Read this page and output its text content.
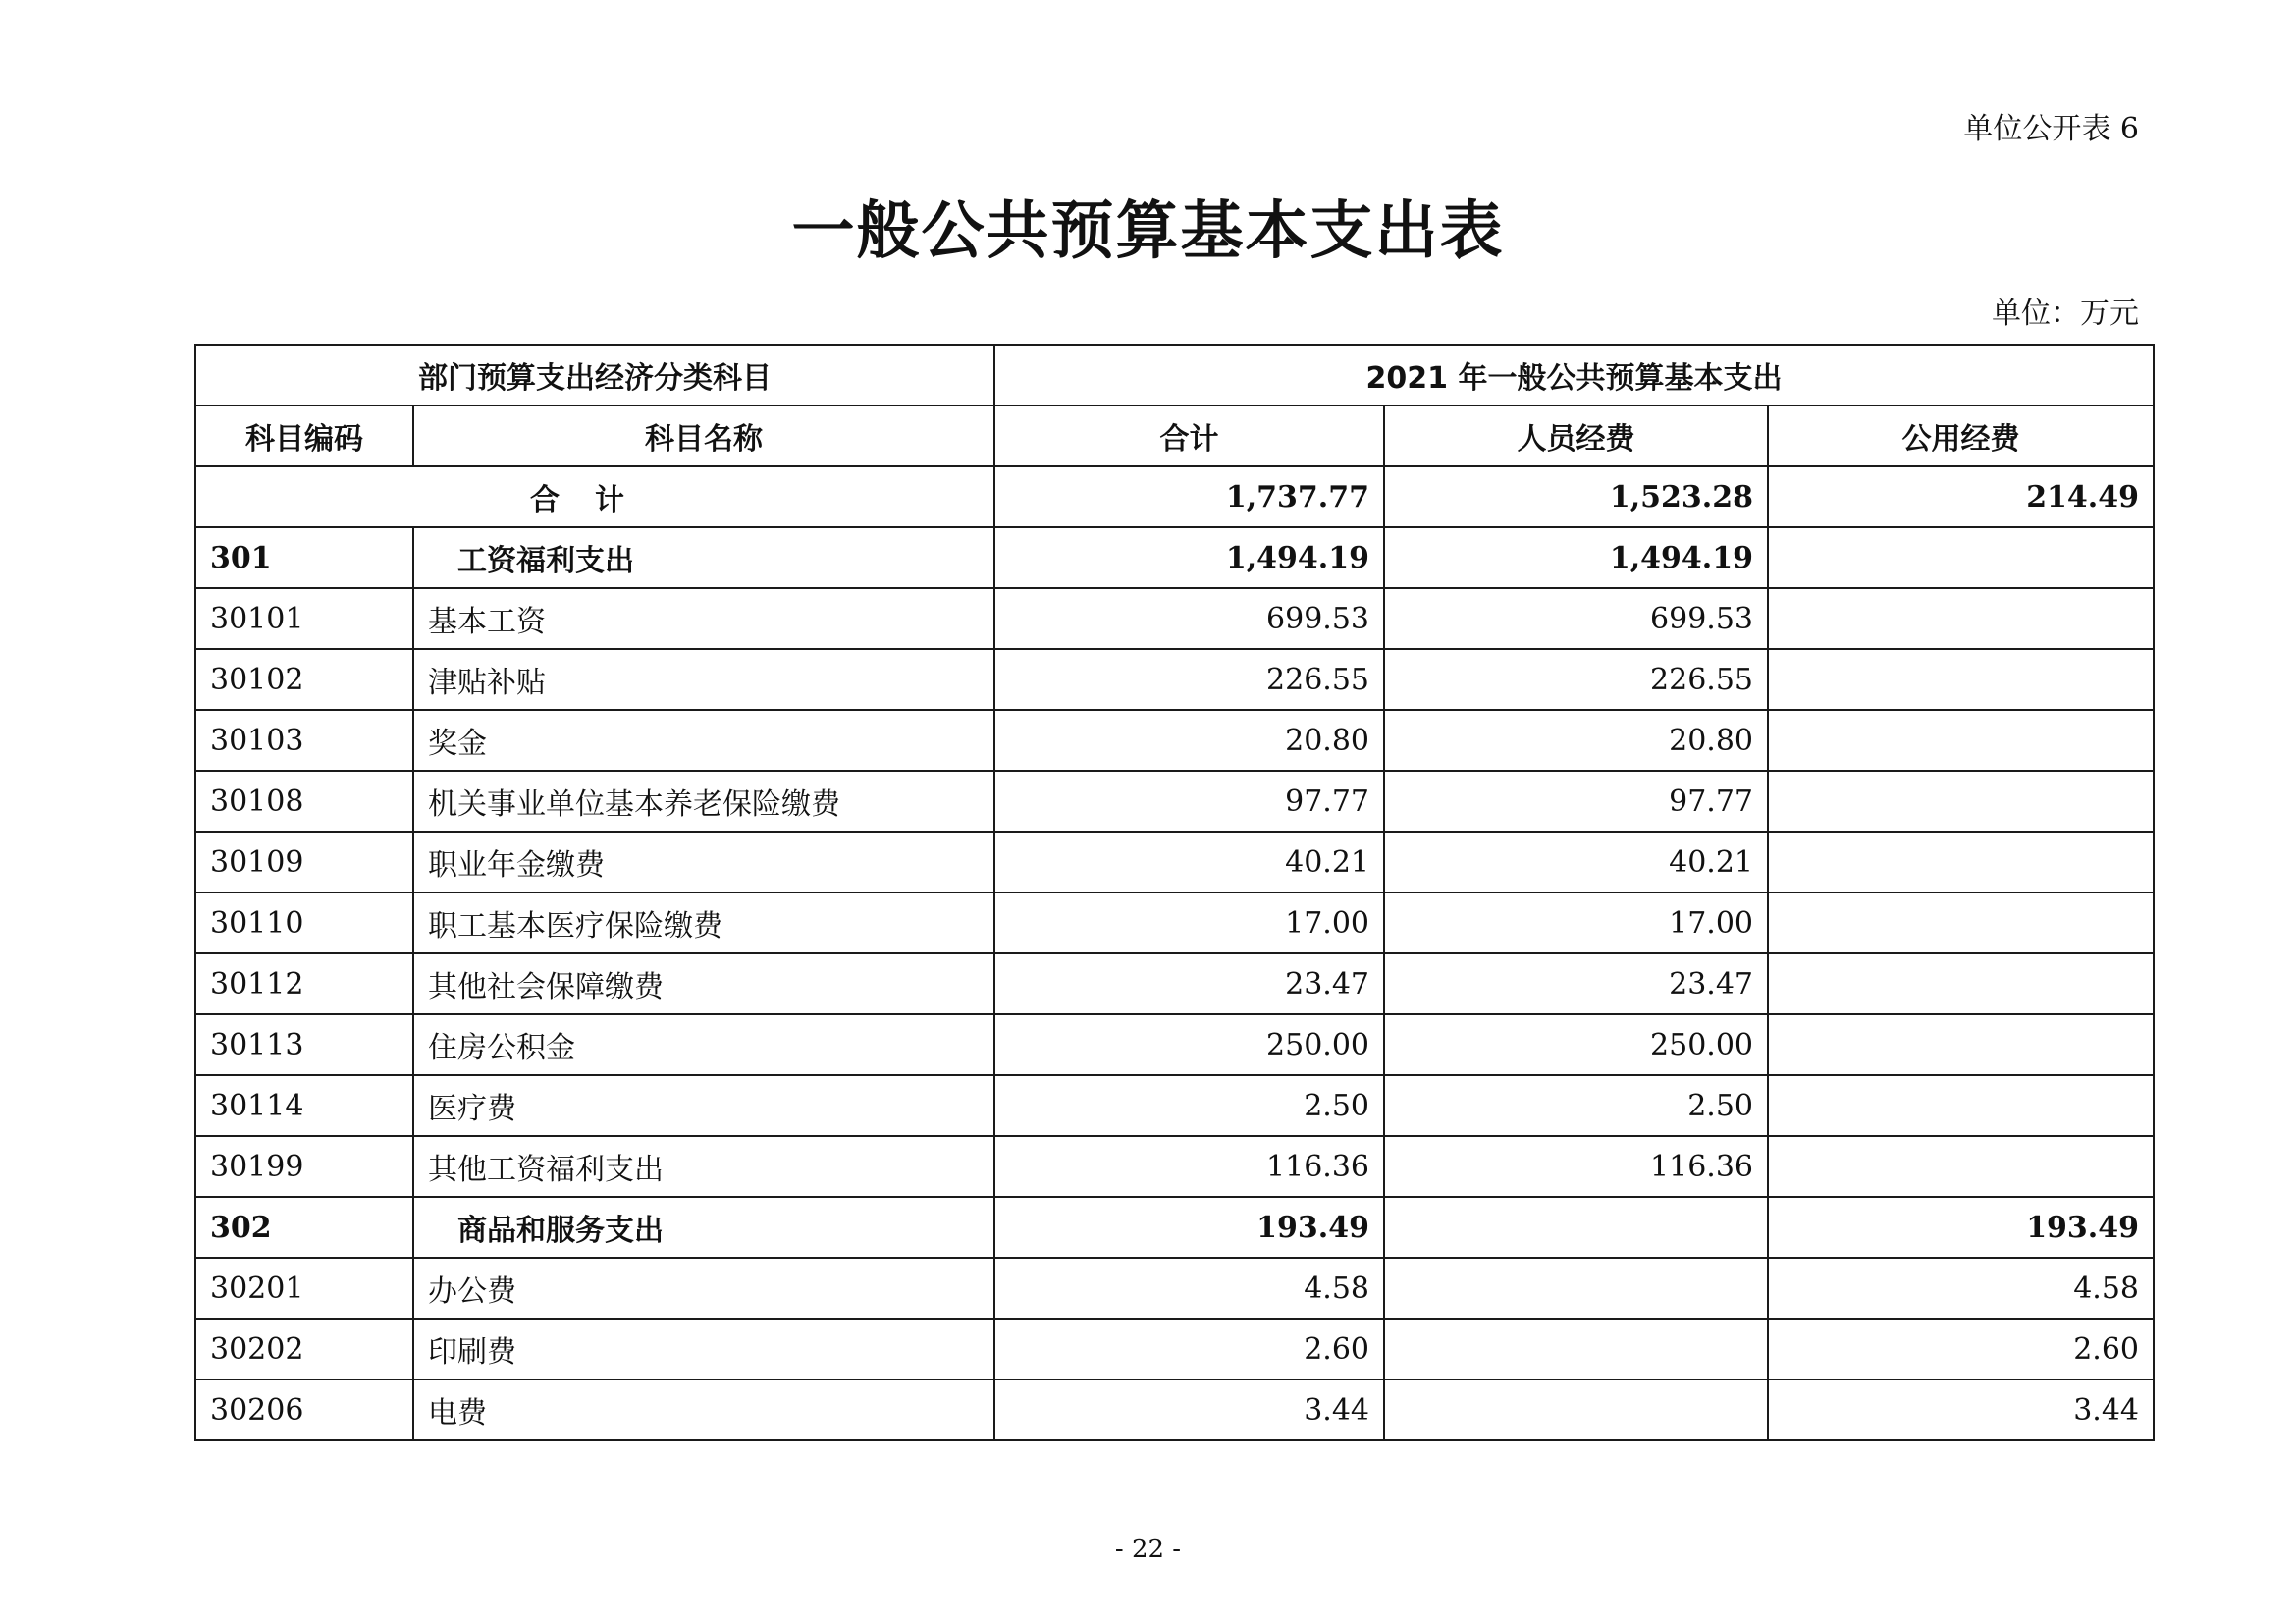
单位公开表 6
一般公共预算基本支出表
单位：万元
部门预算支出经济分类科目		2021 年一般公共预算基本支出		
科目编码	科目名称	合计	人员经费	公用经费
合计		1,737.77	1,523.28	214.49
301	工资福利支出	1,494.19	1,494.19	
30101	基本工资	699.53	699.53	
30102	津贴补贴	226.55	226.55	
30103	奖金	20.80	20.80	
30108	机关事业单位基本养老保险缴费	97.77	97.77	
30109	职业年金缴费	40.21	40.21	
30110	职工基本医疗保险缴费	17.00	17.00	
30112	其他社会保障缴费	23.47	23.47	
30113	住房公积金	250.00	250.00	
30114	医疗费	2.50	2.50	
30199	其他工资福利支出	116.36	116.36	
302	商品和服务支出	193.49		193.49
30201	办公费	4.58		4.58
30202	印刷费	2.60		2.60
30206	电费	3.44		3.44
- 22 -
